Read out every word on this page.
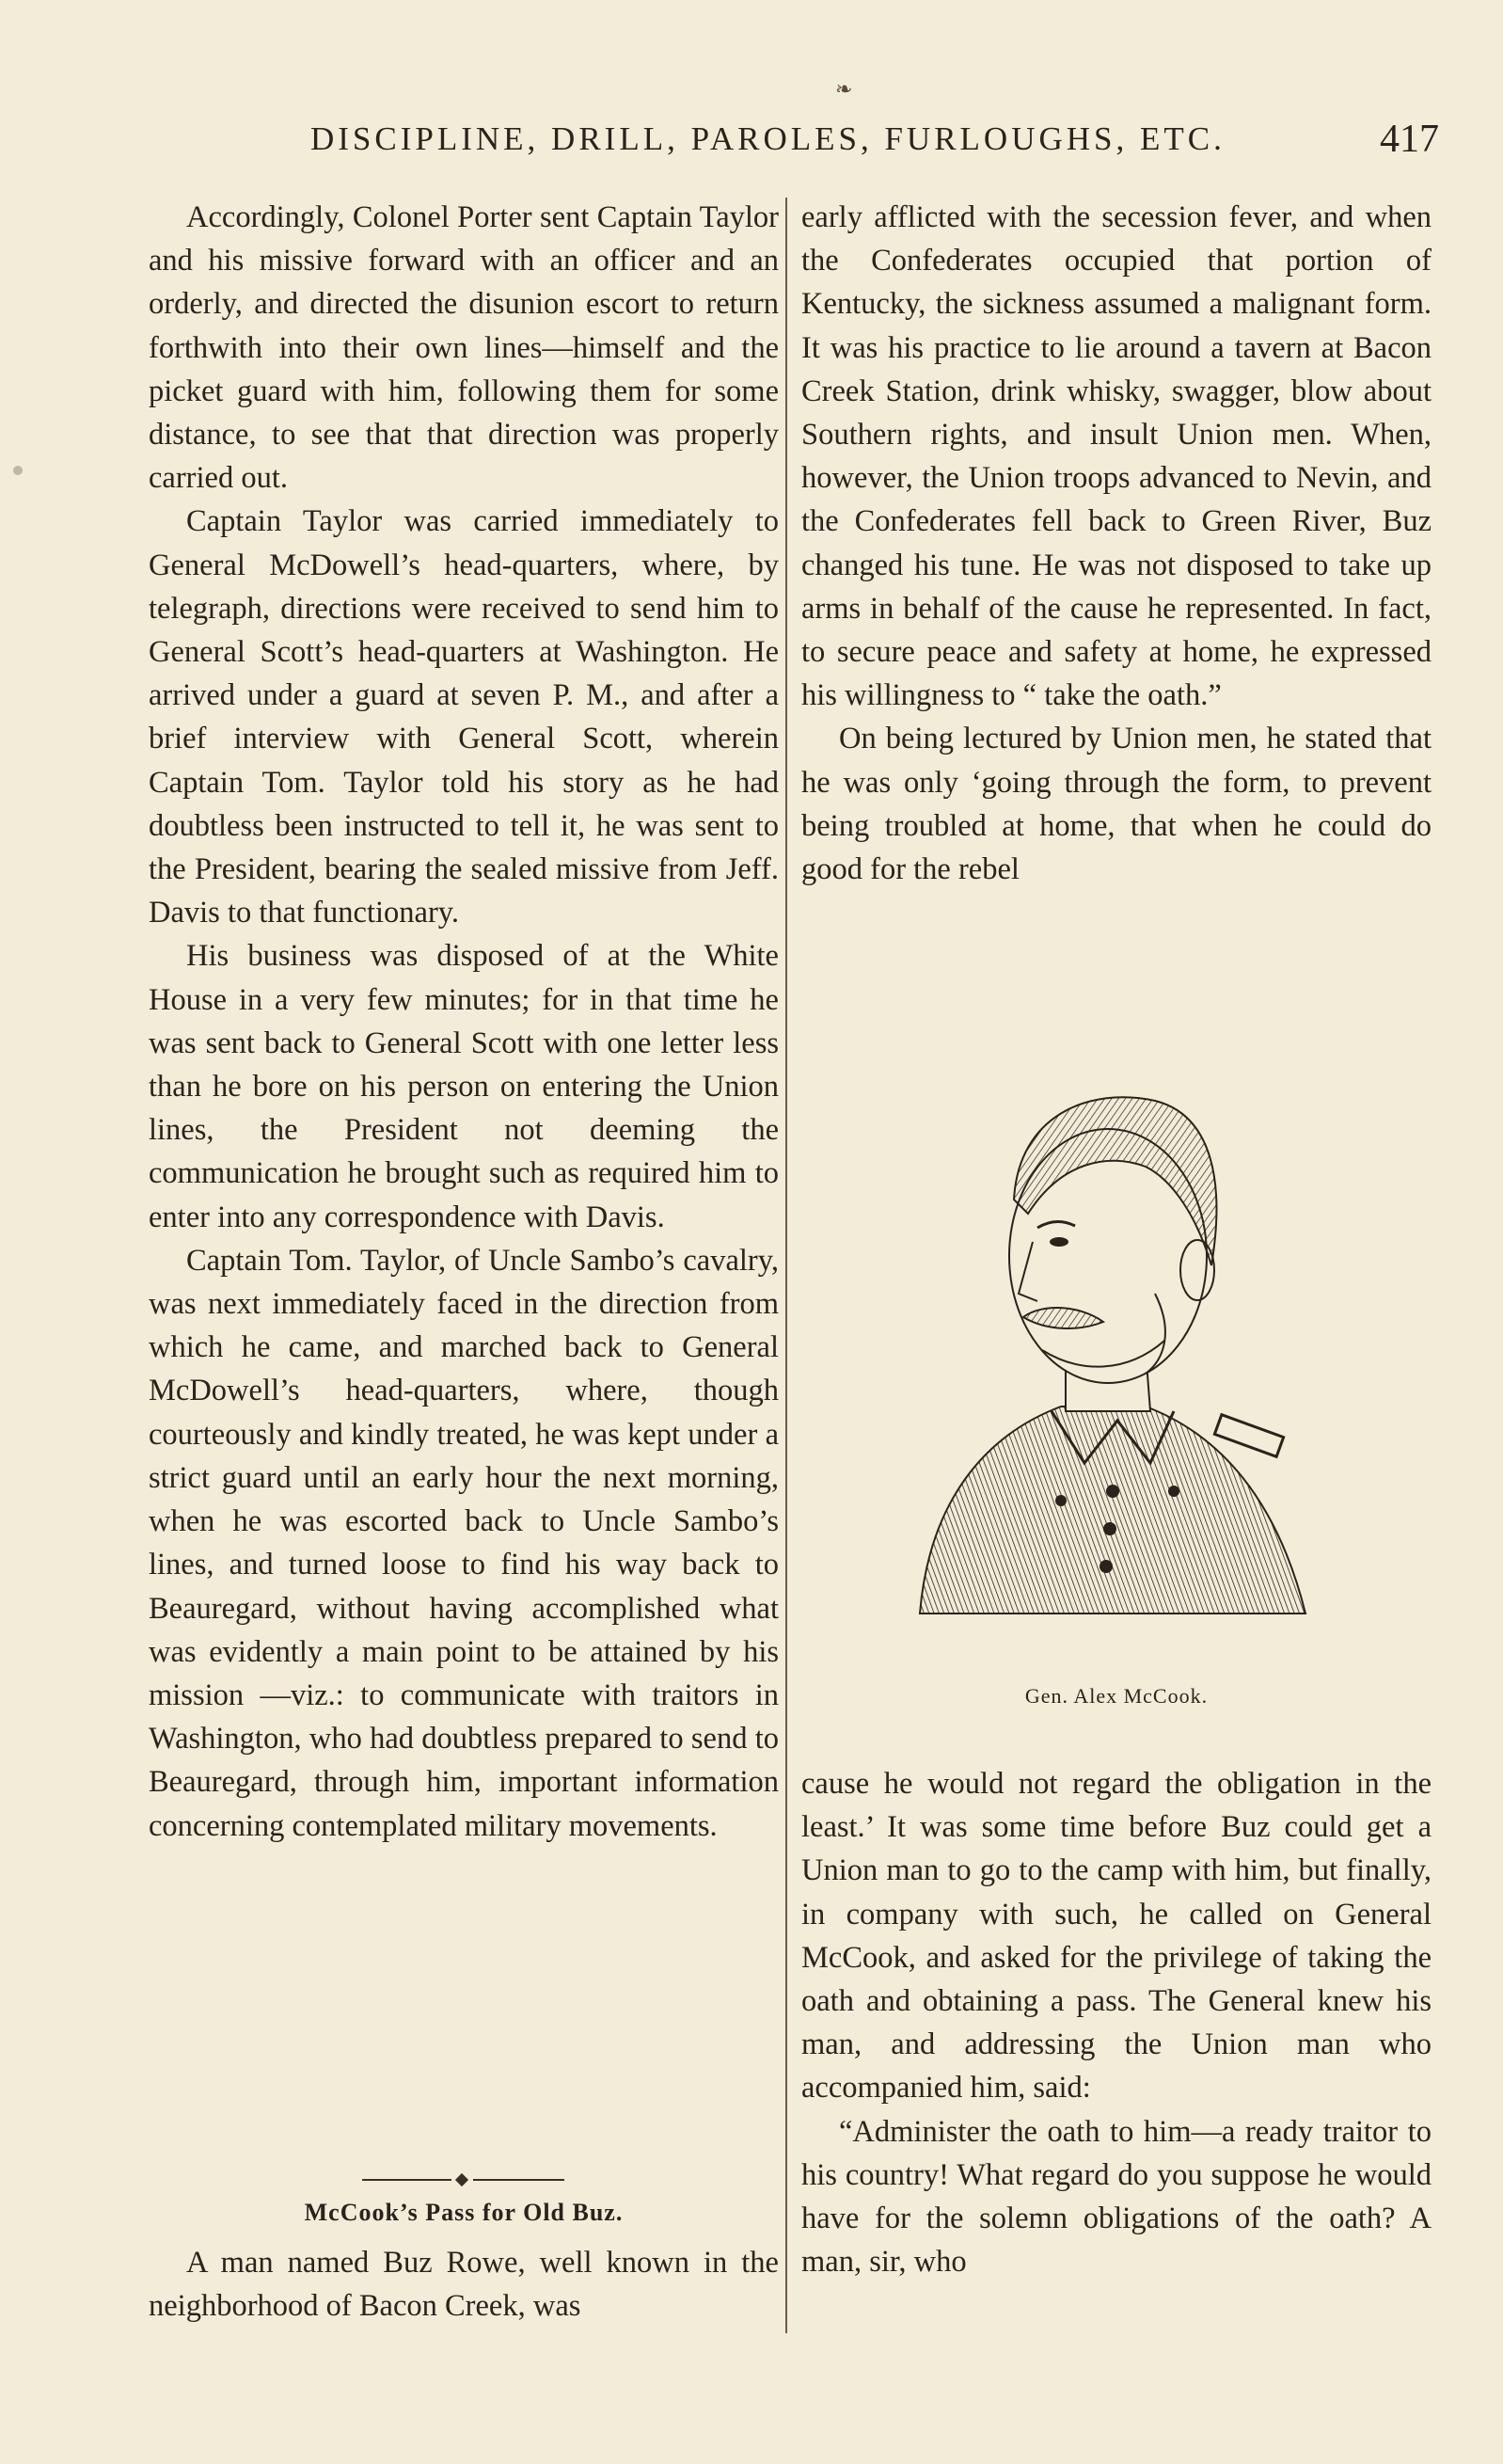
❧
DISCIPLINE, DRILL, PAROLES, FURLOUGHS, ETC.	417

Accordingly, Colonel Porter sent Captain Taylor and his missive forward with an officer and an orderly, and directed the disunion escort to return forthwith into their own lines—himself and the picket guard with him, following them for some distance, to see that that direction was properly carried out.

Captain Taylor was carried immediately to General McDowell’s head-quarters, where, by telegraph, directions were received to send him to General Scott’s head-quarters at Washington. He arrived under a guard at seven P. M., and after a brief interview with General Scott, wherein Captain Tom. Taylor told his story as he had doubtless been instructed to tell it, he was sent to the President, bearing the sealed missive from Jeff. Davis to that functionary.

His business was disposed of at the White House in a very few minutes; for in that time he was sent back to General Scott with one letter less than he bore on his person on entering the Union lines, the President not deeming the communication he brought such as required him to enter into any correspondence with Davis.

Captain Tom. Taylor, of Uncle Sambo’s cavalry, was next immediately faced in the direction from which he came, and marched back to General McDowell’s head-quarters, where, though courteously and kindly treated, he was kept under a strict guard until an early hour the next morning, when he was escorted back to Uncle Sambo’s lines, and turned loose to find his way back to Beauregard, without having accomplished what was evidently a main point to be attained by his mission —viz.: to communicate with traitors in Washington, who had doubtless prepared to send to Beauregard, through him, important information concerning contemplated military movements.

McCook’s Pass for Old Buz.

A man named Buz Rowe, well known in the neighborhood of Bacon Creek, was

early afflicted with the secession fever, and when the Confederates occupied that portion of Kentucky, the sickness assumed a malignant form. It was his practice to lie around a tavern at Bacon Creek Station, drink whisky, swagger, blow about Southern rights, and insult Union men. When, however, the Union troops advanced to Nevin, and the Confederates fell back to Green River, Buz changed his tune. He was not disposed to take up arms in behalf of the cause he represented. In fact, to secure peace and safety at home, he expressed his willingness to “ take the oath.”

On being lectured by Union men, he stated that he was only ‘going through the form, to prevent being troubled at home, that when he could do good for the rebel

Gen. Alex McCook.

cause he would not regard the obligation in the least.’ It was some time before Buz could get a Union man to go to the camp with him, but finally, in company with such, he called on General McCook, and asked for the privilege of taking the oath and obtaining a pass. The General knew his man, and addressing the Union man who accompanied him, said:

“Administer the oath to him—a ready traitor to his country! What regard do you suppose he would have for the solemn obligations of the oath? A man, sir, who
